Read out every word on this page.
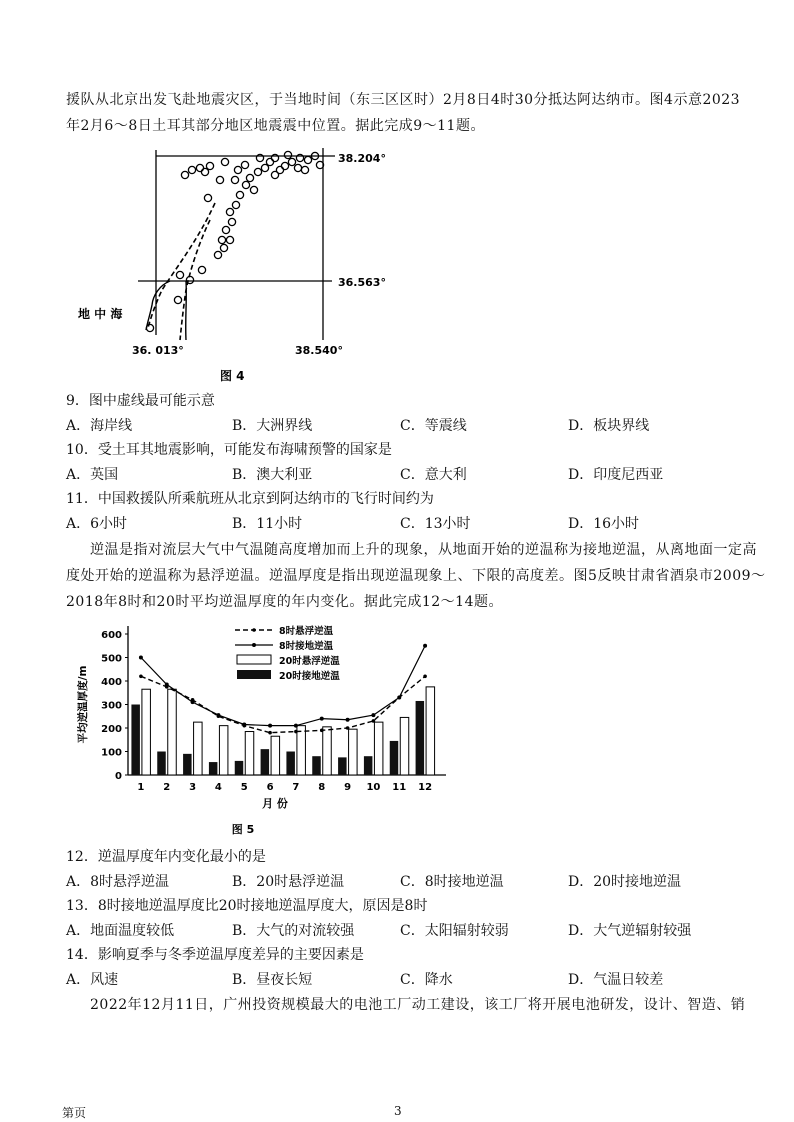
援队从北京出发飞赴地震灾区，于当地时间（东三区区时）2月8日4时30分抵达阿达纳市。图4示意2023
年2月6～8日土耳其部分地区地震震中位置。据此完成9～11题。
38.204°
36.563°
36. 013°	38.540°
地 中 海
图 4
9．图中虚线最可能示意
A．海岸线	B．大洲界线	C．等震线	D．板块界线
10．受土耳其地震影响，可能发布海啸预警的国家是
A．英国	B．澳大利亚	C．意大利	D．印度尼西亚
11．中国救援队所乘航班从北京到阿达纳市的飞行时间约为
A．6小时	B．11小时	C．13小时	D．16小时
逆温是指对流层大气中气温随高度增加而上升的现象，从地面开始的逆温称为接地逆温，从离地面一定高
度处开始的逆温称为悬浮逆温。逆温厚度是指出现逆温现象上、下限的高度差。图5反映甘肃省酒泉市2009～
2018年8时和20时平均逆温厚度的年内变化。据此完成12～14题。
0
100
200
300
400
500
600
1 2 3 4 5 6 7 8 9 10 11 12
8时悬浮逆温
8时接地逆温
20时悬浮逆温
20时接地逆温
平均逆温厚度/m
月 份
图 5
12．逆温厚度年内变化最小的是
A．8时悬浮逆温	B．20时悬浮逆温	C．8时接地逆温	D．20时接地逆温
13．8时接地逆温厚度比20时接地逆温厚度大，原因是8时
A．地面温度较低	B．大气的对流较强	C．太阳辐射较弱	D．大气逆辐射较强
14．影响夏季与冬季逆温厚度差异的主要因素是
A．风速	B．昼夜长短	C．降水	D．气温日较差
2022年12月11日，广州投资规模最大的电池工厂动工建设，该工厂将开展电池研发，设计、智造、销
第页	3
